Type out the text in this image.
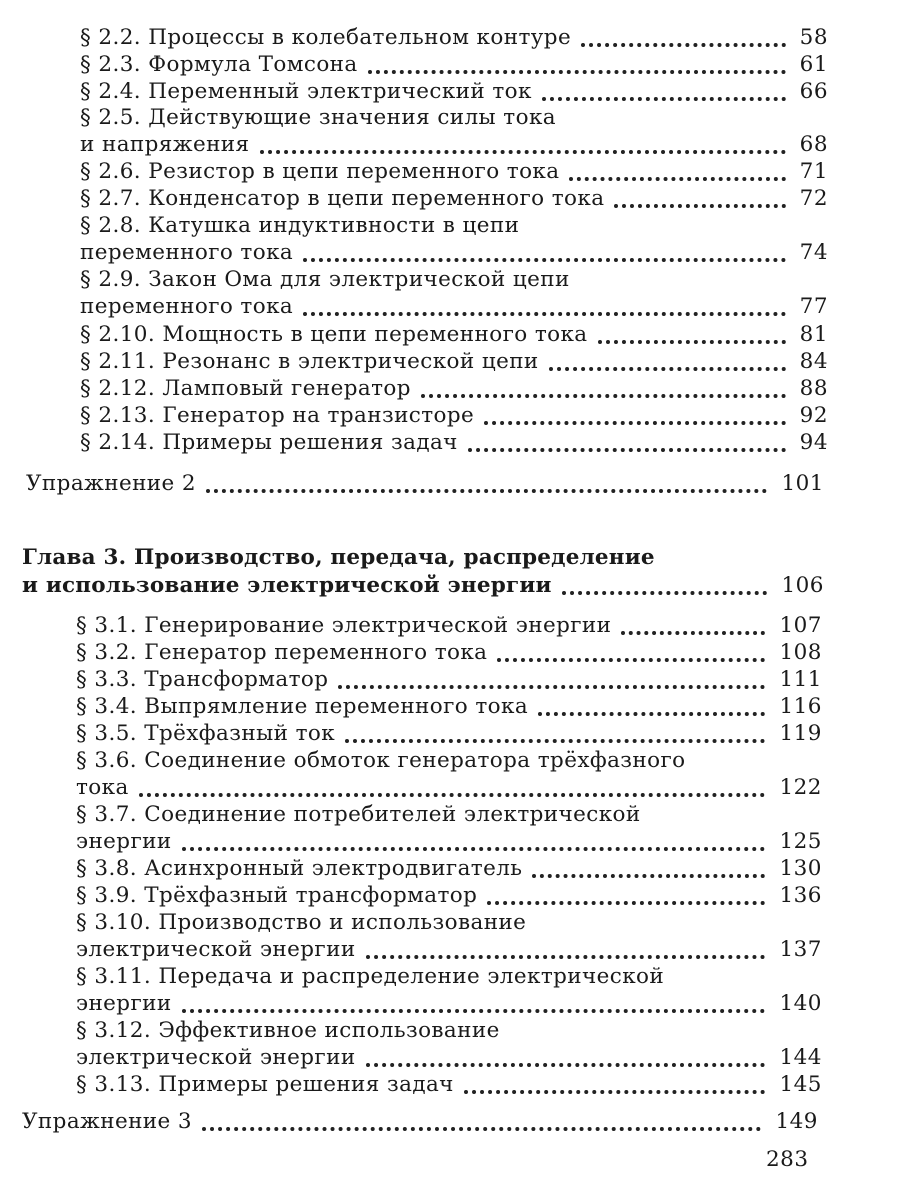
§ 2.2. Процессы в колебательном контуре	58
§ 2.3. Формула Томсона	61
§ 2.4. Переменный электрический ток	66
§ 2.5. Действующие значения силы тока
и напряжения	68
§ 2.6. Резистор в цепи переменного тока	71
§ 2.7. Конденсатор в цепи переменного тока	72
§ 2.8. Катушка индуктивности в цепи
переменного тока	74
§ 2.9. Закон Ома для электрической цепи
переменного тока	77
§ 2.10. Мощность в цепи переменного тока	81
§ 2.11. Резонанс в электрической цепи	84
§ 2.12. Ламповый генератор	88
§ 2.13. Генератор на транзисторе	92
§ 2.14. Примеры решения задач	94
Упражнение 2	101
Глава 3. Производство, передача, распределение
и использование электрической энергии	106
§ 3.1. Генерирование электрической энергии	107
§ 3.2. Генератор переменного тока	108
§ 3.3. Трансформатор	111
§ 3.4. Выпрямление переменного тока	116
§ 3.5. Трёхфазный ток	119
§ 3.6. Соединение обмоток генератора трёхфазного
тока	122
§ 3.7. Соединение потребителей электрической
энергии	125
§ 3.8. Асинхронный электродвигатель	130
§ 3.9. Трёхфазный трансформатор	136
§ 3.10. Производство и использование
электрической энергии	137
§ 3.11. Передача и распределение электрической
энергии	140
§ 3.12. Эффективное использование
электрической энергии	144
§ 3.13. Примеры решения задач	145
Упражнение 3	149
283
